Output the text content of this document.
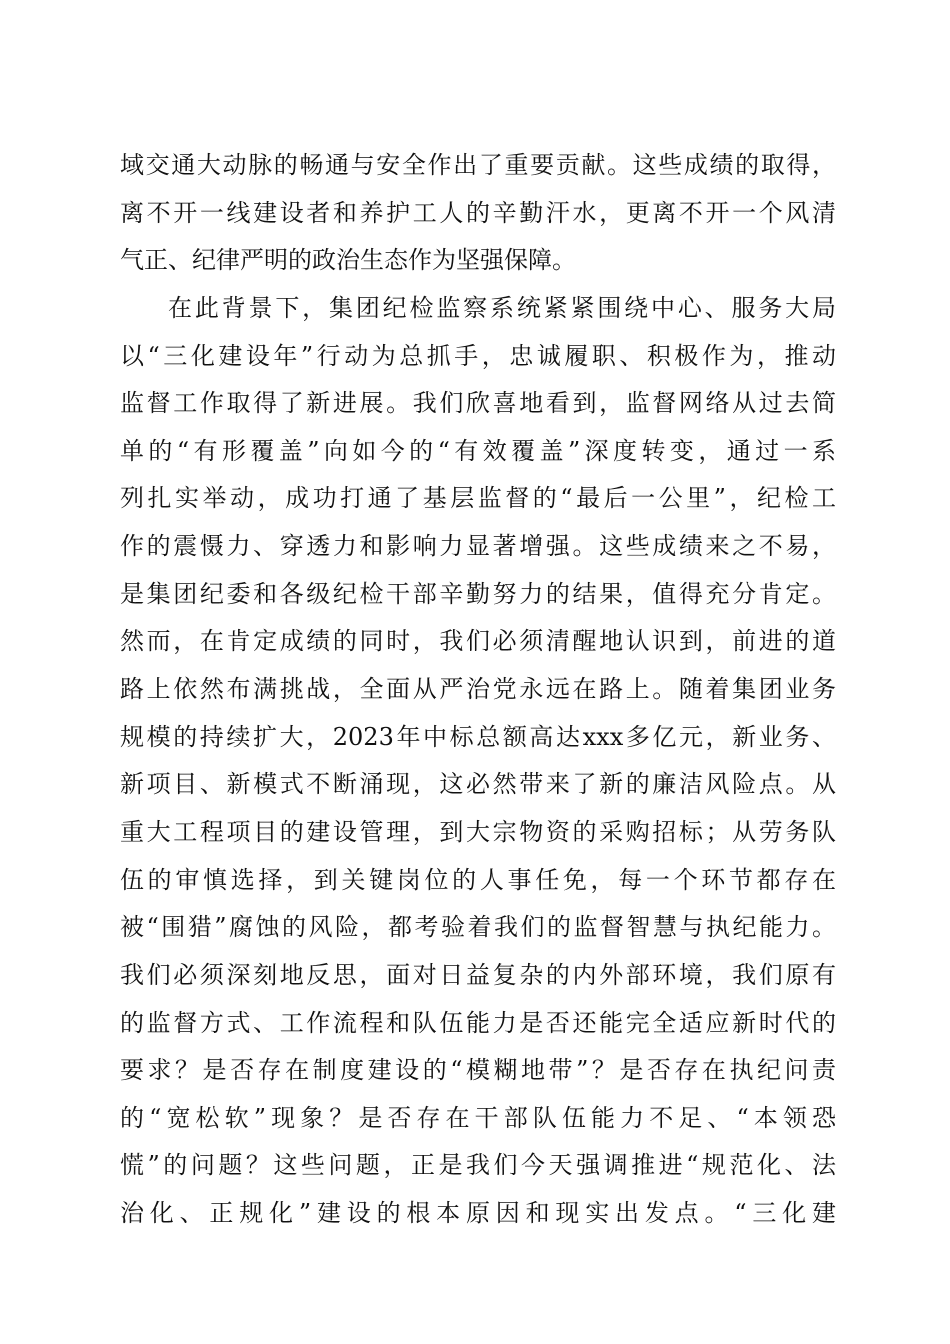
域交通大动脉的畅通与安全作出了重要贡献。这些成绩的取得，
离不开一线建设者和养护工人的辛勤汗水，更离不开一个风清
气正、纪律严明的政治生态作为坚强保障。
在此背景下，集团纪检监察系统紧紧围绕中心、服务大局
以“三化建设年”行动为总抓手，忠诚履职、积极作为，推动
监督工作取得了新进展。我们欣喜地看到，监督网络从过去简
单的“有形覆盖”向如今的“有效覆盖”深度转变，通过一系
列扎实举动，成功打通了基层监督的“最后一公里”，纪检工
作的震慑力、穿透力和影响力显著增强。这些成绩来之不易，
是集团纪委和各级纪检干部辛勤努力的结果，值得充分肯定。
然而，在肯定成绩的同时，我们必须清醒地认识到，前进的道
路上依然布满挑战，全面从严治党永远在路上。随着集团业务
规模的持续扩大，2023年中标总额高达xxx多亿元，新业务、
新项目、新模式不断涌现，这必然带来了新的廉洁风险点。从
重大工程项目的建设管理，到大宗物资的采购招标；从劳务队
伍的审慎选择，到关键岗位的人事任免，每一个环节都存在
被“围猎”腐蚀的风险，都考验着我们的监督智慧与执纪能力。
我们必须深刻地反思，面对日益复杂的内外部环境，我们原有
的监督方式、工作流程和队伍能力是否还能完全适应新时代的
要求？是否存在制度建设的“模糊地带”？是否存在执纪问责
的“宽松软”现象？是否存在干部队伍能力不足、“本领恐
慌”的问题？这些问题，正是我们今天强调推进“规范化、法
治化、正规化”建设的根本原因和现实出发点。“三化建
